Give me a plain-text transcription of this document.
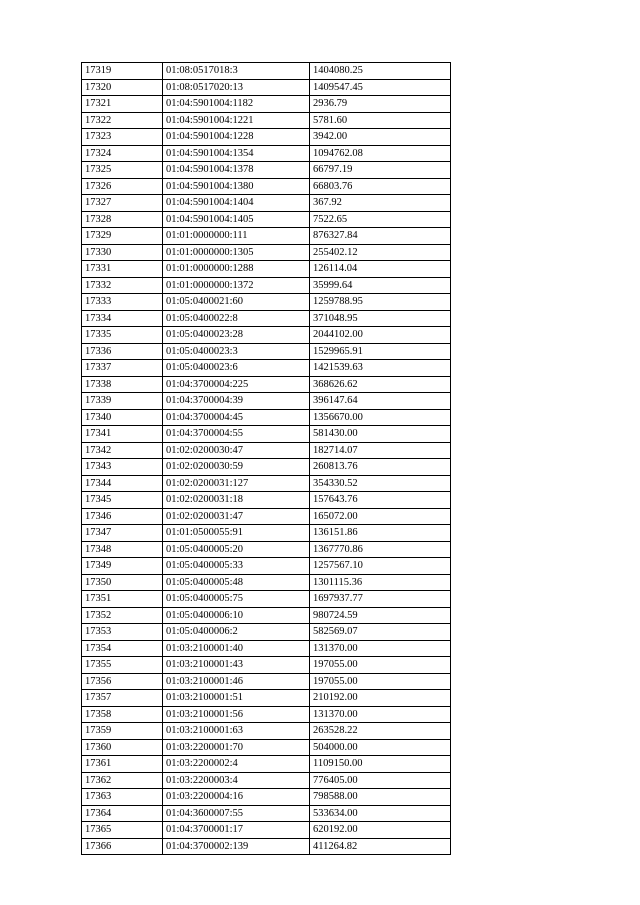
17319	01:08:0517018:3	1404080.25
17320	01:08:0517020:13	1409547.45
17321	01:04:5901004:1182	2936.79
17322	01:04:5901004:1221	5781.60
17323	01:04:5901004:1228	3942.00
17324	01:04:5901004:1354	1094762.08
17325	01:04:5901004:1378	66797.19
17326	01:04:5901004:1380	66803.76
17327	01:04:5901004:1404	367.92
17328	01:04:5901004:1405	7522.65
17329	01:01:0000000:111	876327.84
17330	01:01:0000000:1305	255402.12
17331	01:01:0000000:1288	126114.04
17332	01:01:0000000:1372	35999.64
17333	01:05:0400021:60	1259788.95
17334	01:05:0400022:8	371048.95
17335	01:05:0400023:28	2044102.00
17336	01:05:0400023:3	1529965.91
17337	01:05:0400023:6	1421539.63
17338	01:04:3700004:225	368626.62
17339	01:04:3700004:39	396147.64
17340	01:04:3700004:45	1356670.00
17341	01:04:3700004:55	581430.00
17342	01:02:0200030:47	182714.07
17343	01:02:0200030:59	260813.76
17344	01:02:0200031:127	354330.52
17345	01:02:0200031:18	157643.76
17346	01:02:0200031:47	165072.00
17347	01:01:0500055:91	136151.86
17348	01:05:0400005:20	1367770.86
17349	01:05:0400005:33	1257567.10
17350	01:05:0400005:48	1301115.36
17351	01:05:0400005:75	1697937.77
17352	01:05:0400006:10	980724.59
17353	01:05:0400006:2	582569.07
17354	01:03:2100001:40	131370.00
17355	01:03:2100001:43	197055.00
17356	01:03:2100001:46	197055.00
17357	01:03:2100001:51	210192.00
17358	01:03:2100001:56	131370.00
17359	01:03:2100001:63	263528.22
17360	01:03:2200001:70	504000.00
17361	01:03:2200002:4	1109150.00
17362	01:03:2200003:4	776405.00
17363	01:03:2200004:16	798588.00
17364	01:04:3600007:55	533634.00
17365	01:04:3700001:17	620192.00
17366	01:04:3700002:139	411264.82
